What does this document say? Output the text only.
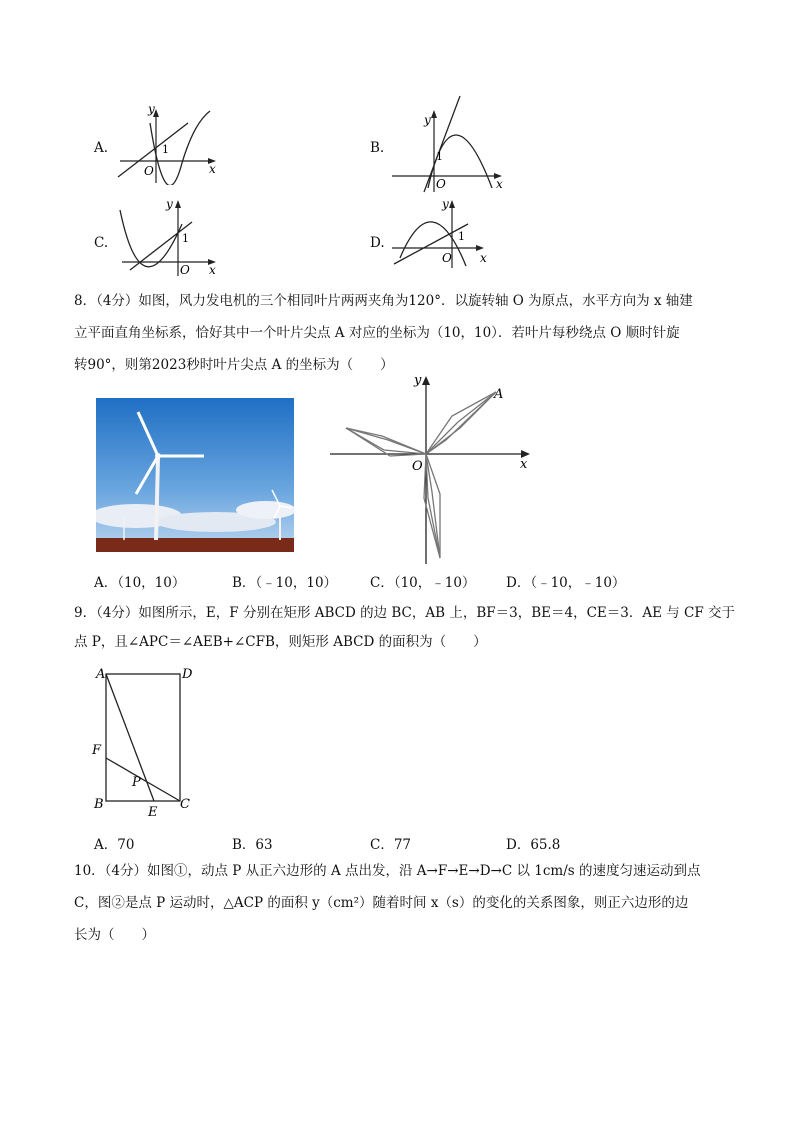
A.
y
x
O
1	B.
y
x
O
1
C.
y
x
O
1	D.
y
x
O
1
8．（4分）如图，风力发电机的三个相同叶片两两夹角为120°．以旋转轴 O 为原点，水平方向为 x 轴建
立平面直角坐标系，恰好其中一个叶片尖点 A 对应的坐标为（10，10）．若叶片每秒绕点 O 顺时针旋
转90°，则第2023秒时叶片尖点 A 的坐标为（　　）
y
x
O
A
A．（10，10）	B．（﹣10，10） C．（10，﹣10） D．（﹣10，﹣10）
9．（4分）如图所示，E，F 分别在矩形 ABCD 的边 BC，AB 上，BF＝3，BE＝4，CE＝3．AE 与 CF 交于
点 P，且∠APC＝∠AEB+∠CFB，则矩形 ABCD 的面积为（　　）
A	D
F
P
B
E
C
A．70	B．63	C．77	D．65.8
10．（4分）如图①，动点 P 从正六边形的 A 点出发，沿 A→F→E→D→C 以 1cm/s 的速度匀速运动到点
C，图②是点 P 运动时，△ACP 的面积 y（cm²）随着时间 x（s）的变化的关系图象，则正六边形的边
长为（　　）
